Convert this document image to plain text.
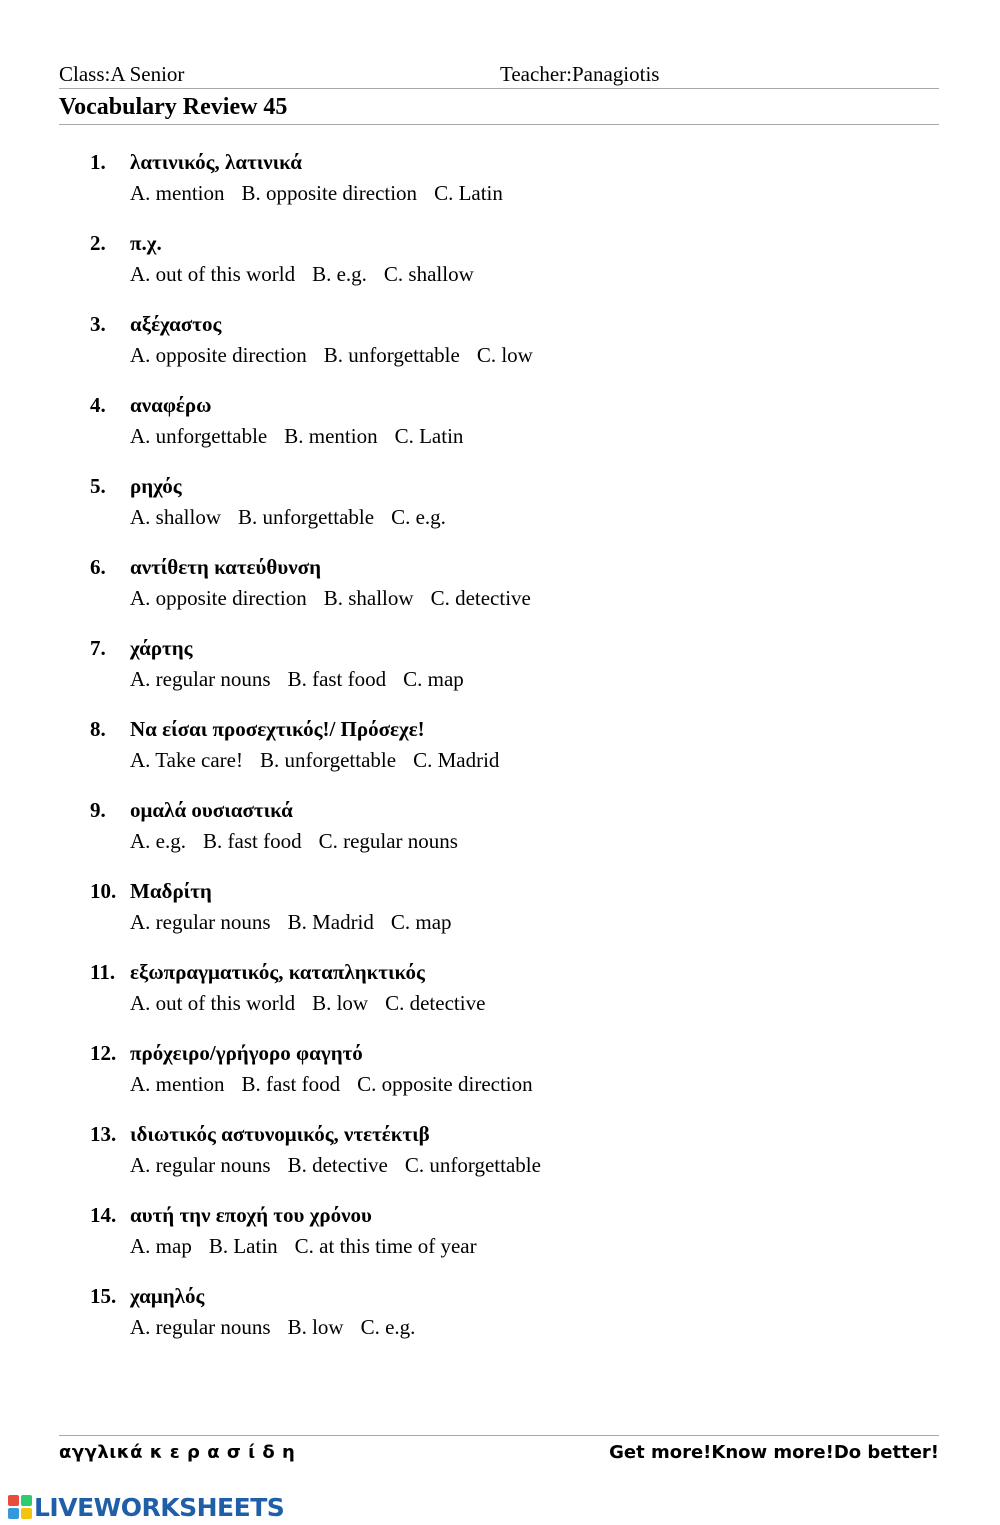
Class:A Senior	Teacher:Panagiotis
Vocabulary Review 45
1. λατινικός, λατινικά
A. mention B. opposite direction C. Latin
2. π.χ.
A. out of this world B. e.g. C. shallow
3. αξέχαστος
A. opposite direction B. unforgettable C. low
4. αναφέρω
A. unforgettable B. mention C. Latin
5. ρηχός
A. shallow B. unforgettable C. e.g.
6. αντίθετη κατεύθυνση
A. opposite direction B. shallow C. detective
7. χάρτης
A. regular nouns B. fast food C. map
8. Να είσαι προσεχτικός!/ Πρόσεχε!
A. Take care! B. unforgettable C. Madrid
9. ομαλά ουσιαστικά
A. e.g. B. fast food C. regular nouns
10. Μαδρίτη
A. regular nouns B. Madrid C. map
11. εξωπραγματικός, καταπληκτικός
A. out of this world B. low C. detective
12. πρόχειρο/γρήγορο φαγητό
A. mention B. fast food C. opposite direction
13. ιδιωτικός αστυνομικός, ντετέκτιβ
A. regular nouns B. detective C. unforgettable
14. αυτή την εποχή του χρόνου
A. map B. Latin C. at this time of year
15. χαμηλός
A. regular nouns B. low C. e.g.
αγγλικά κ ε ρ α σ ί δ η	Get more!Know more!Do better!
LIVEWORKSHEETS
